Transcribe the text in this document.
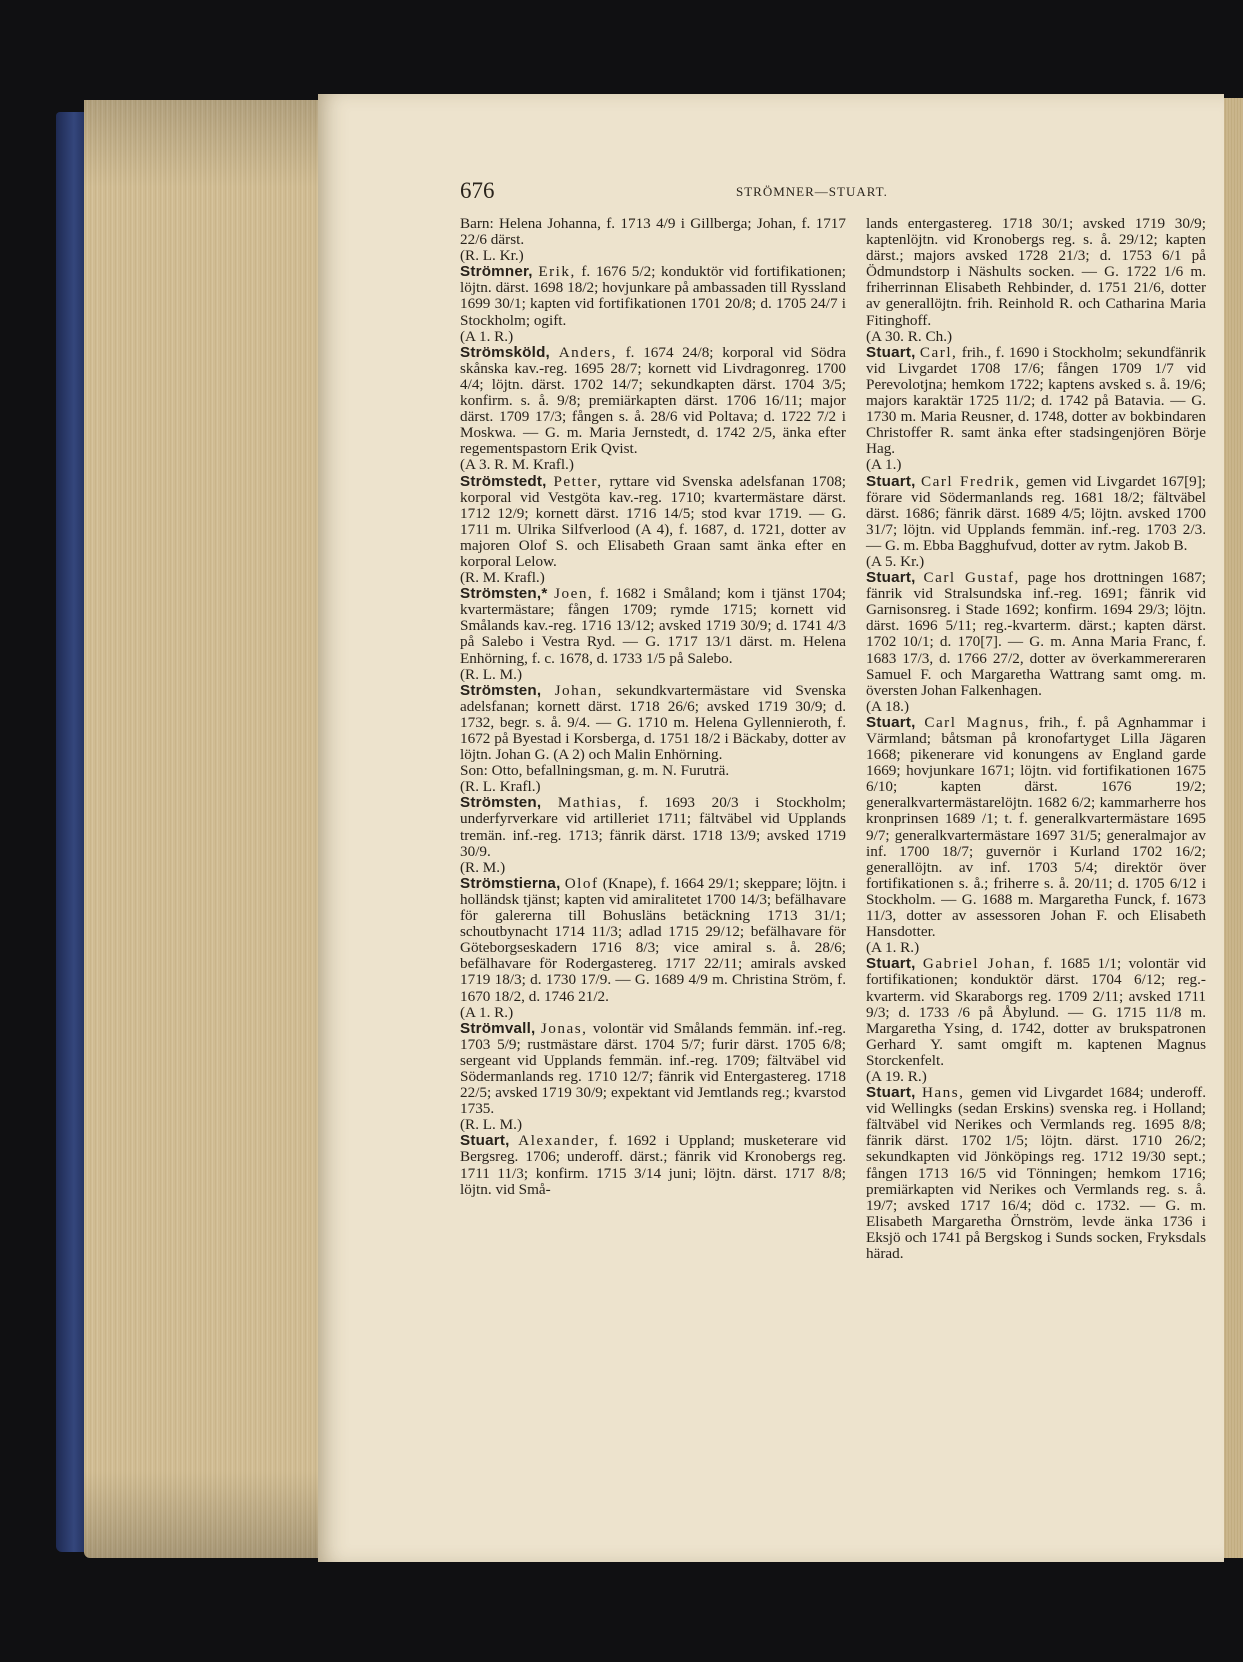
676	STRÖMNER—STUART.

Barn: Helena Johanna, f. 1713 4/9 i Gillberga; Johan, f. 1717 22/6 därst.

(R. L. Kr.)

Strömner, Erik, f. 1676 5/2; konduktör vid fortifikationen; löjtn. därst. 1698 18/2; hovjunkare på ambassaden till Ryssland 1699 30/1; kapten vid fortifikationen 1701 20/8; d. 1705 24/7 i Stockholm; ogift.

(A 1. R.)

Strömsköld, Anders, f. 1674 24/8; korporal vid Södra skånska kav.-reg. 1695 28/7; kornett vid Livdragonreg. 1700 4/4; löjtn. därst. 1702 14/7; sekundkapten därst. 1704 3/5; konfirm. s. å. 9/8; premiärkapten därst. 1706 16/11; major därst. 1709 17/3; fången s. å. 28/6 vid Poltava; d. 1722 7/2 i Moskwa. — G. m. Maria Jernstedt, d. 1742 2/5, änka efter regementspastorn Erik Qvist.

(A 3. R. M. Krafl.)

Strömstedt, Petter, ryttare vid Svenska adelsfanan 1708; korporal vid Vestgöta kav.-reg. 1710; kvartermästare därst. 1712 12/9; kornett därst. 1716 14/5; stod kvar 1719. — G. 1711 m. Ulrika Silfverlood (A 4), f. 1687, d. 1721, dotter av majoren Olof S. och Elisabeth Graan samt änka efter en korporal Lelow.

(R. M. Krafl.)

Strömsten,* Joen, f. 1682 i Småland; kom i tjänst 1704; kvartermästare; fången 1709; rymde 1715; kornett vid Smålands kav.-reg. 1716 13/12; avsked 1719 30/9; d. 1741 4/3 på Salebo i Vestra Ryd. — G. 1717 13/1 därst. m. Helena Enhörning, f. c. 1678, d. 1733 1/5 på Salebo.

(R. L. M.)

Strömsten, Johan, sekundkvartermästare vid Svenska adelsfanan; kornett därst. 1718 26/6; avsked 1719 30/9; d. 1732, begr. s. å. 9/4. — G. 1710 m. Helena Gyllennieroth, f. 1672 på Byestad i Korsberga, d. 1751 18/2 i Bäckaby, dotter av löjtn. Johan G. (A 2) och Malin Enhörning.

Son: Otto, befallningsman, g. m. N. Furuträ.

(R. L. Krafl.)

Strömsten, Mathias, f. 1693 20/3 i Stockholm; underfyrverkare vid artilleriet 1711; fältväbel vid Upplands tremän. inf.-reg. 1713; fänrik därst. 1718 13/9; avsked 1719 30/9.

(R. M.)

Strömstierna, Olof (Knape), f. 1664 29/1; skeppare; löjtn. i holländsk tjänst; kapten vid amiralitetet 1700 14/3; befälhavare för galererna till Bohusläns betäckning 1713 31/1; schoutbynacht 1714 11/3; adlad 1715 29/12; befälhavare för Göteborgseskadern 1716 8/3; vice amiral s. å. 28/6; befälhavare för Rodergastereg. 1717 22/11; amirals avsked 1719 18/3; d. 1730 17/9. — G. 1689 4/9 m. Christina Ström, f. 1670 18/2, d. 1746 21/2.

(A 1. R.)

Strömvall, Jonas, volontär vid Smålands femmän. inf.-reg. 1703 5/9; rustmästare därst. 1704 5/7; furir därst. 1705 6/8; sergeant vid Upplands femmän. inf.-reg. 1709; fältväbel vid Södermanlands reg. 1710 12/7; fänrik vid Entergastereg. 1718 22/5; avsked 1719 30/9; expektant vid Jemtlands reg.; kvarstod 1735.

(R. L. M.)

Stuart, Alexander, f. 1692 i Uppland; musketerare vid Bergsreg. 1706; underoff. därst.; fänrik vid Kronobergs reg. 1711 11/3; konfirm. 1715 3/14 juni; löjtn. därst. 1717 8/8; löjtn. vid Små-

lands entergastereg. 1718 30/1; avsked 1719 30/9; kaptenlöjtn. vid Kronobergs reg. s. å. 29/12; kapten därst.; majors avsked 1728 21/3; d. 1753 6/1 på Ödmundstorp i Näshults socken. — G. 1722 1/6 m. friherrinnan Elisabeth Rehbinder, d. 1751 21/6, dotter av generallöjtn. frih. Reinhold R. och Catharina Maria Fitinghoff.

(A 30. R. Ch.)

Stuart, Carl, frih., f. 1690 i Stockholm; sekundfänrik vid Livgardet 1708 17/6; fången 1709 1/7 vid Perevolotjna; hemkom 1722; kaptens avsked s. å. 19/6; majors karaktär 1725 11/2; d. 1742 på Batavia. — G. 1730 m. Maria Reusner, d. 1748, dotter av bokbindaren Christoffer R. samt änka efter stadsingenjören Börje Hag.

(A 1.)

Stuart, Carl Fredrik, gemen vid Livgardet 167[9]; förare vid Södermanlands reg. 1681 18/2; fältväbel därst. 1686; fänrik därst. 1689 4/5; löjtn. avsked 1700 31/7; löjtn. vid Upplands femmän. inf.-reg. 1703 2/3. — G. m. Ebba Bagghufvud, dotter av rytm. Jakob B.

(A 5. Kr.)

Stuart, Carl Gustaf, page hos drottningen 1687; fänrik vid Stralsundska inf.-reg. 1691; fänrik vid Garnisonsreg. i Stade 1692; konfirm. 1694 29/3; löjtn. därst. 1696 5/11; reg.-kvarterm. därst.; kapten därst. 1702 10/1; d. 170[7]. — G. m. Anna Maria Franc, f. 1683 17/3, d. 1766 27/2, dotter av överkammereraren Samuel F. och Margaretha Wattrang samt omg. m. översten Johan Falkenhagen.

(A 18.)

Stuart, Carl Magnus, frih., f. på Agnhammar i Värmland; båtsman på kronofartyget Lilla Jägaren 1668; pikenerare vid konungens av England garde 1669; hovjunkare 1671; löjtn. vid fortifikationen 1675 6/10; kapten därst. 1676 19/2; generalkvartermästarelöjtn. 1682 6/2; kammarherre hos kronprinsen 1689 /1; t. f. generalkvartermästare 1695 9/7; generalkvartermästare 1697 31/5; generalmajor av inf. 1700 18/7; guvernör i Kurland 1702 16/2; generallöjtn. av inf. 1703 5/4; direktör över fortifikationen s. å.; friherre s. å. 20/11; d. 1705 6/12 i Stockholm. — G. 1688 m. Margaretha Funck, f. 1673 11/3, dotter av assessoren Johan F. och Elisabeth Hansdotter.

(A 1. R.)

Stuart, Gabriel Johan, f. 1685 1/1; volontär vid fortifikationen; konduktör därst. 1704 6/12; reg.-kvarterm. vid Skaraborgs reg. 1709 2/11; avsked 1711 9/3; d. 1733 /6 på Åbylund. — G. 1715 11/8 m. Margaretha Ysing, d. 1742, dotter av brukspatronen Gerhard Y. samt omgift m. kaptenen Magnus Storckenfelt.

(A 19. R.)

Stuart, Hans, gemen vid Livgardet 1684; underoff. vid Wellingks (sedan Erskins) svenska reg. i Holland; fältväbel vid Nerikes och Vermlands reg. 1695 8/8; fänrik därst. 1702 1/5; löjtn. därst. 1710 26/2; sekundkapten vid Jönköpings reg. 1712 19/30 sept.; fången 1713 16/5 vid Tönningen; hemkom 1716; premiärkapten vid Nerikes och Vermlands reg. s. å. 19/7; avsked 1717 16/4; död c. 1732. — G. m. Elisabeth Margaretha Örnström, levde änka 1736 i Eksjö och 1741 på Bergskog i Sunds socken, Fryksdals härad.
